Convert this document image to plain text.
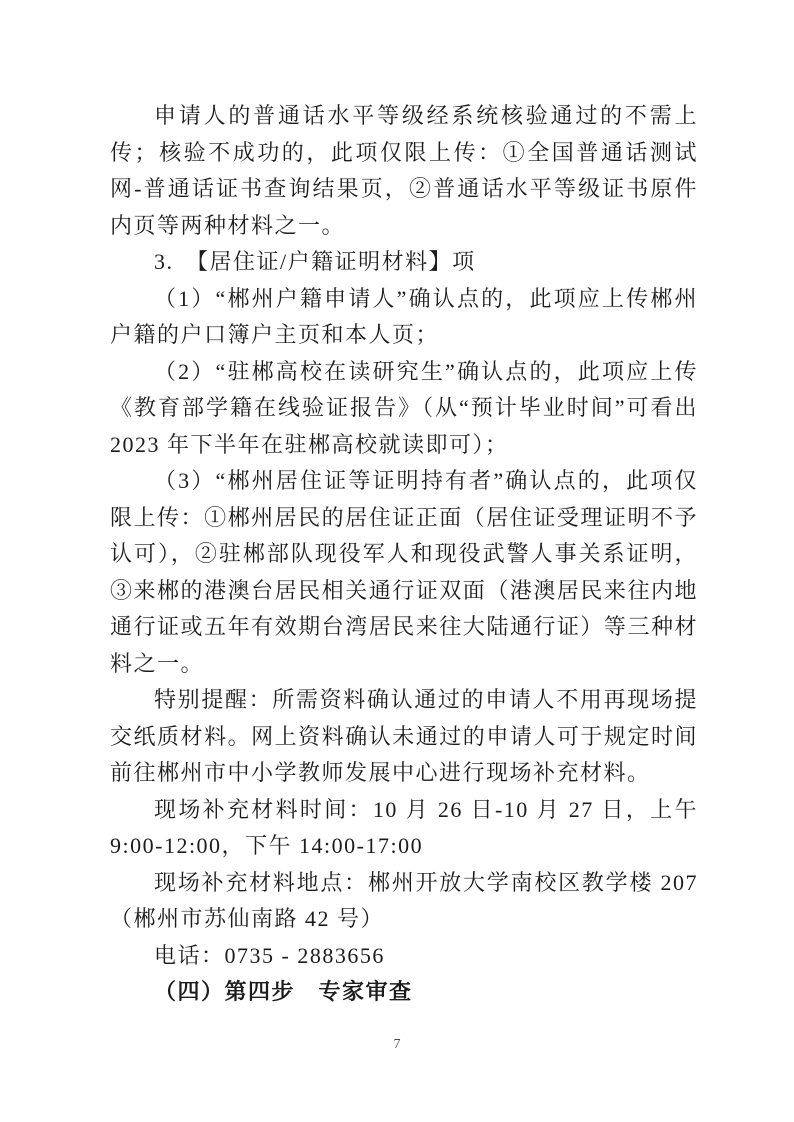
申请人的普通话水平等级经系统核验通过的不需上传；核验不成功的，此项仅限上传：①全国普通话测试网-普通话证书查询结果页，②普通话水平等级证书原件内页等两种材料之一。

3.　【居住证/户籍证明材料】项

（1）“郴州户籍申请人”确认点的，此项应上传郴州户籍的户口簿户主页和本人页；

（2）“驻郴高校在读研究生”确认点的，此项应上传《教育部学籍在线验证报告》（从“预计毕业时间”可看出 2023 年下半年在驻郴高校就读即可）；

（3）“郴州居住证等证明持有者”确认点的，此项仅限上传：①郴州居民的居住证正面（居住证受理证明不予认可），②驻郴部队现役军人和现役武警人事关系证明，③来郴的港澳台居民相关通行证双面（港澳居民来往内地通行证或五年有效期台湾居民来往大陆通行证）等三种材料之一。

特别提醒：所需资料确认通过的申请人不用再现场提交纸质材料。网上资料确认未通过的申请人可于规定时间前往郴州市中小学教师发展中心进行现场补充材料。

现场补充材料时间：10 月 26 日-10 月 27 日，上午 9:00-12:00，下午 14:00-17:00

现场补充材料地点：郴州开放大学南校区教学楼 207（郴州市苏仙南路 42 号）

电话：0735 - 2883656

（四）第四步　专家审查

7
